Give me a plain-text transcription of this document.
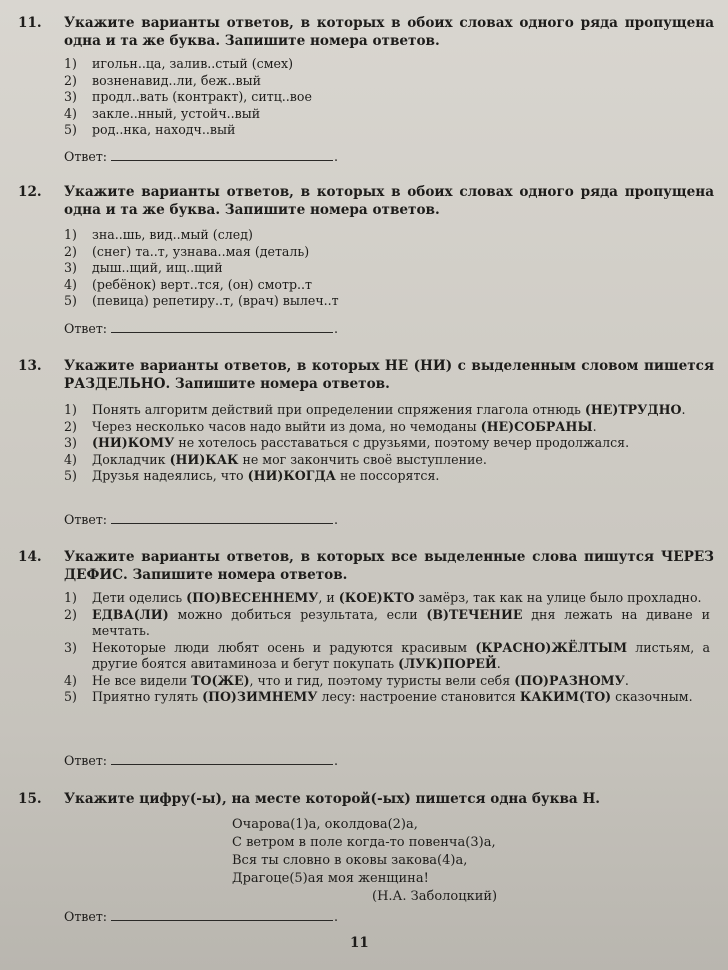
11.	Укажите варианты ответов, в которых в обоих словах одного ряда пропущена одна и та же буква. Запишите номера ответов.
1) игольн..ца, залив..стый (смех)
2) возненавид..ли, беж..вый
3) продл..вать (контракт), ситц..вое
4) закле..нный, устойч..вый
5) род..нка, находч..вый
Ответ:	.
12.	Укажите варианты ответов, в которых в обоих словах одного ряда пропущена одна и та же буква. Запишите номера ответов.
1) зна..шь, вид..мый (след)
2) (снег) та..т, узнава..мая (деталь)
3) дыш..щий, ищ..щий
4) (ребёнок) верт..тся, (он) смотр..т
5) (певица) репетиру..т, (врач) вылеч..т
Ответ:	.
13.	Укажите варианты ответов, в которых НЕ (НИ) с выделенным словом пишется РАЗДЕЛЬНО. Запишите номера ответов.
1) Понять алгоритм действий при определении спряжения глагола отнюдь (НЕ)ТРУДНО.
2) Через несколько часов надо выйти из дома, но чемоданы (НЕ)СОБРАНЫ.
3) (НИ)КОМУ не хотелось расставаться с друзьями, поэтому вечер продолжался.
4) Докладчик (НИ)КАК не мог закончить своё выступление.
5) Друзья надеялись, что (НИ)КОГДА не поссорятся.
Ответ:	.
14.	Укажите варианты ответов, в которых все выделенные слова пишутся ЧЕРЕЗ ДЕФИС. Запишите номера ответов.
1) Дети оделись (ПО)ВЕСЕННЕМУ, и (КОЕ)КТО замёрз, так как на улице было прохладно.
2) ЕДВА(ЛИ) можно добиться результата, если (В)ТЕЧЕНИЕ дня лежать на диване и мечтать.
3) Некоторые люди любят осень и радуются красивым (КРАСНО)ЖЁЛТЫМ листьям, а другие боятся авитаминоза и бегут покупать (ЛУК)ПОРЕЙ.
4) Не все видели ТО(ЖЕ), что и гид, поэтому туристы вели себя (ПО)РАЗНОМУ.
5) Приятно гулять (ПО)ЗИМНЕМУ лесу: настроение становится КАКИМ(ТО) сказочным.
Ответ:	.
15.	Укажите цифру(-ы), на месте которой(-ых) пишется одна буква Н.
Очарова(1)а, околдова(2)а,
С ветром в поле когда-то повенча(3)а,
Вся ты словно в оковы закова(4)а,
Драгоце(5)ая моя женщина!
(Н.А. Заболоцкий)
Ответ:	.
11
